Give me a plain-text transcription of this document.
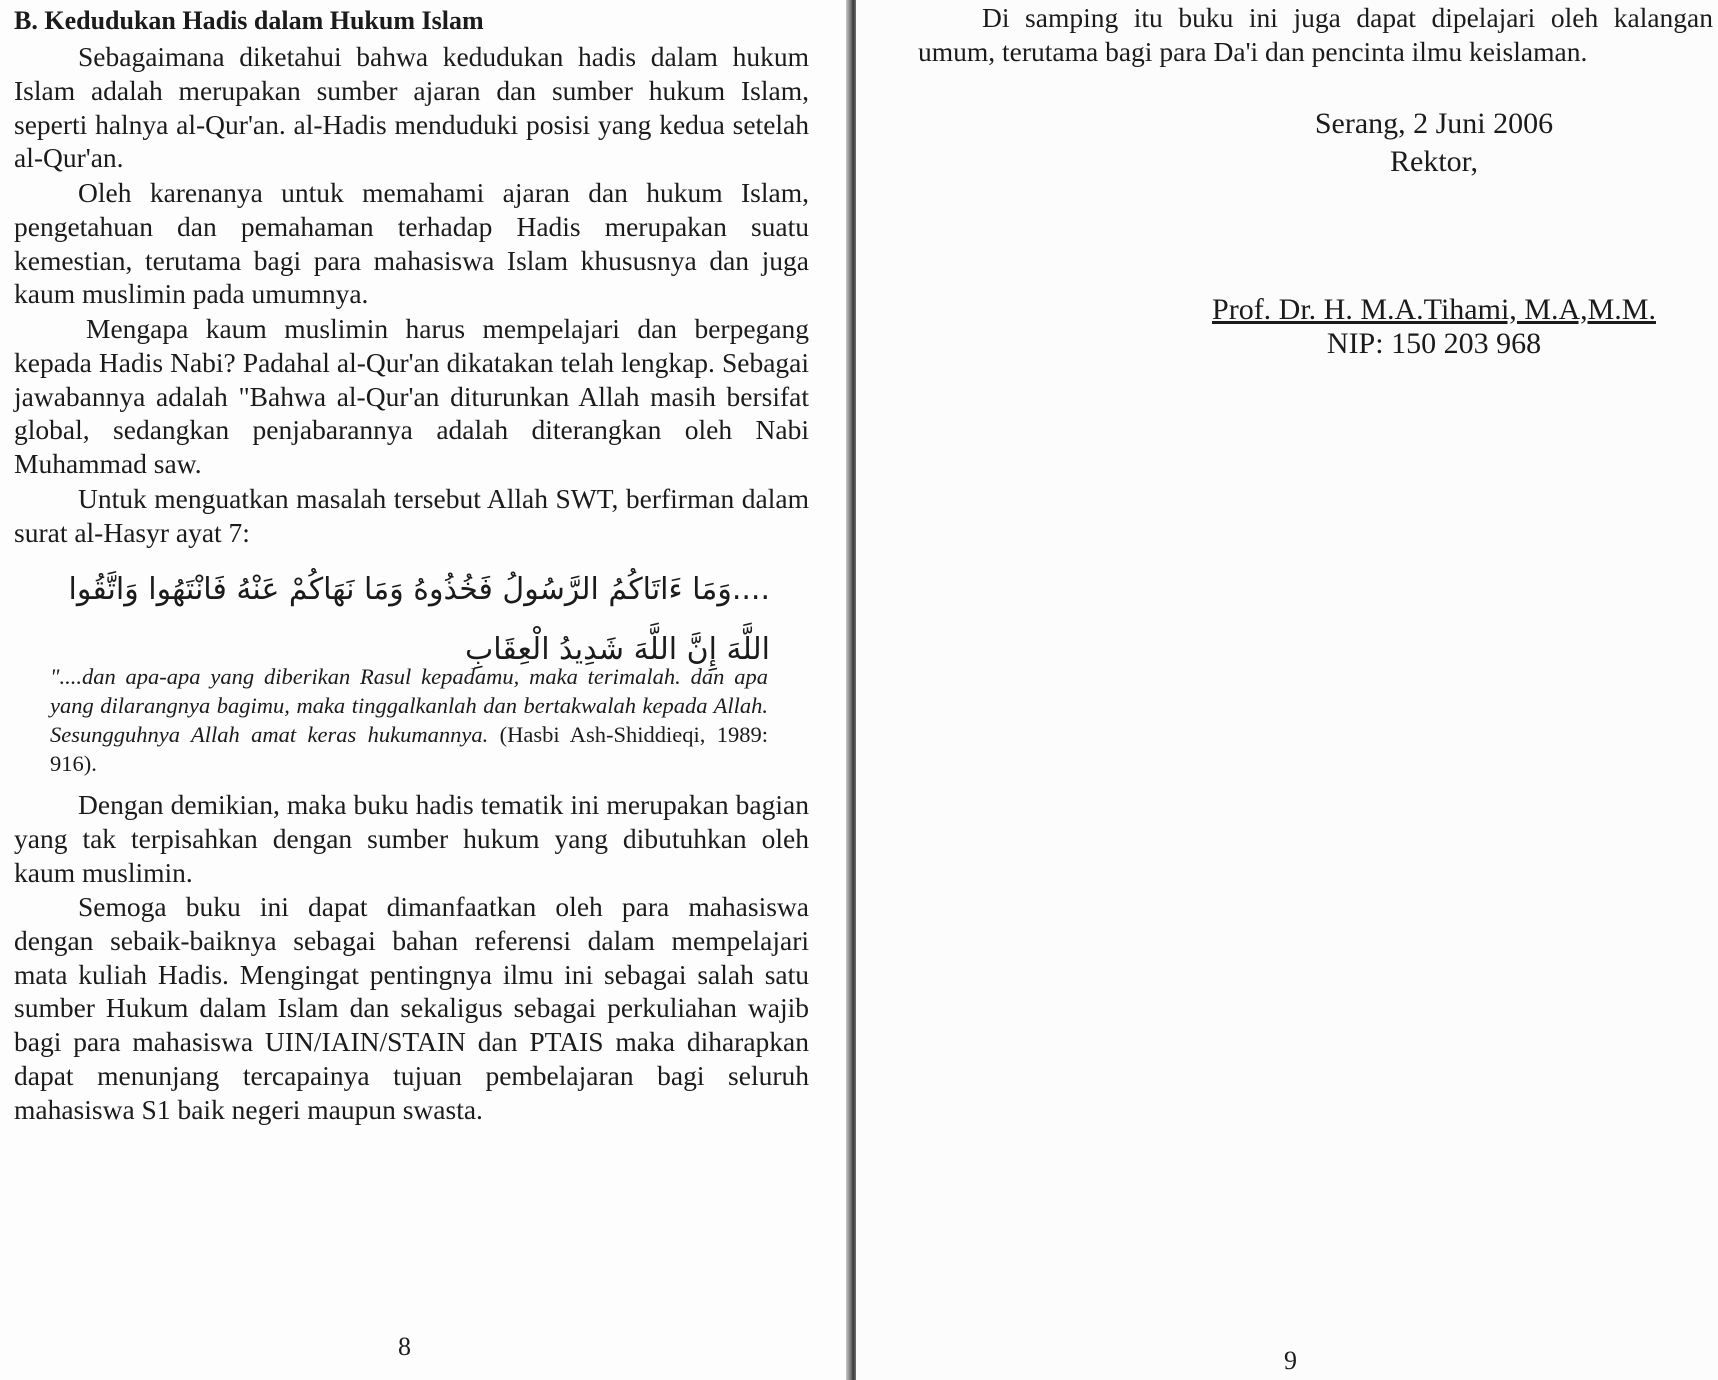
B. Kedudukan Hadis dalam Hukum Islam

Sebagaimana diketahui bahwa kedudukan hadis dalam hukum Islam adalah merupakan sumber ajaran dan sumber hukum Islam, seperti halnya al-Qur'an. al-Hadis menduduki posisi yang kedua setelah al-Qur'an.

Oleh karenanya untuk memahami ajaran dan hukum Islam, pengetahuan dan pemahaman terhadap Hadis merupakan suatu kemestian, terutama bagi para mahasiswa Islam khususnya dan juga kaum muslimin pada umumnya.

Mengapa kaum muslimin harus mempelajari dan berpegang kepada Hadis Nabi? Padahal al-Qur'an dikatakan telah lengkap. Sebagai jawabannya adalah "Bahwa al-Qur'an diturunkan Allah masih bersifat global, sedangkan penjabarannya adalah diterangkan oleh Nabi Muhammad saw.

Untuk menguatkan masalah tersebut Allah SWT, berfirman dalam surat al-Hasyr ayat 7:

....وَمَا ءَاتَاكُمُ الرَّسُولُ فَخُذُوهُ وَمَا نَهَاكُمْ عَنْهُ فَانْتَهُوا وَاتَّقُوا اللَّهَ إِنَّ اللَّهَ شَدِيدُ الْعِقَابِ

"....dan apa-apa yang diberikan Rasul kepadamu, maka terimalah. dan apa yang dilarangnya bagimu, maka tinggalkanlah dan bertakwalah kepada Allah. Sesungguhnya Allah amat keras hukumannya. (Hasbi Ash-Shiddieqi, 1989: 916).

Dengan demikian, maka buku hadis tematik ini merupakan bagian yang tak terpisahkan dengan sumber hukum yang dibutuhkan oleh kaum muslimin.

Semoga buku ini dapat dimanfaatkan oleh para mahasiswa dengan sebaik-baiknya sebagai bahan referensi dalam mempelajari mata kuliah Hadis. Mengingat pentingnya ilmu ini sebagai salah satu sumber Hukum dalam Islam dan sekaligus sebagai perkuliahan wajib bagi para mahasiswa UIN/IAIN/STAIN dan PTAIS maka diharapkan dapat menunjang tercapainya tujuan pembelajaran bagi seluruh mahasiswa S1 baik negeri maupun swasta.

8

Di samping itu buku ini juga dapat dipelajari oleh kalangan umum, terutama bagi para Da'i dan pencinta ilmu keislaman.

Serang, 2 Juni 2006

Rektor,

Prof. Dr. H. M.A.Tihami, M.A,M.M.

NIP: 150 203 968

9
